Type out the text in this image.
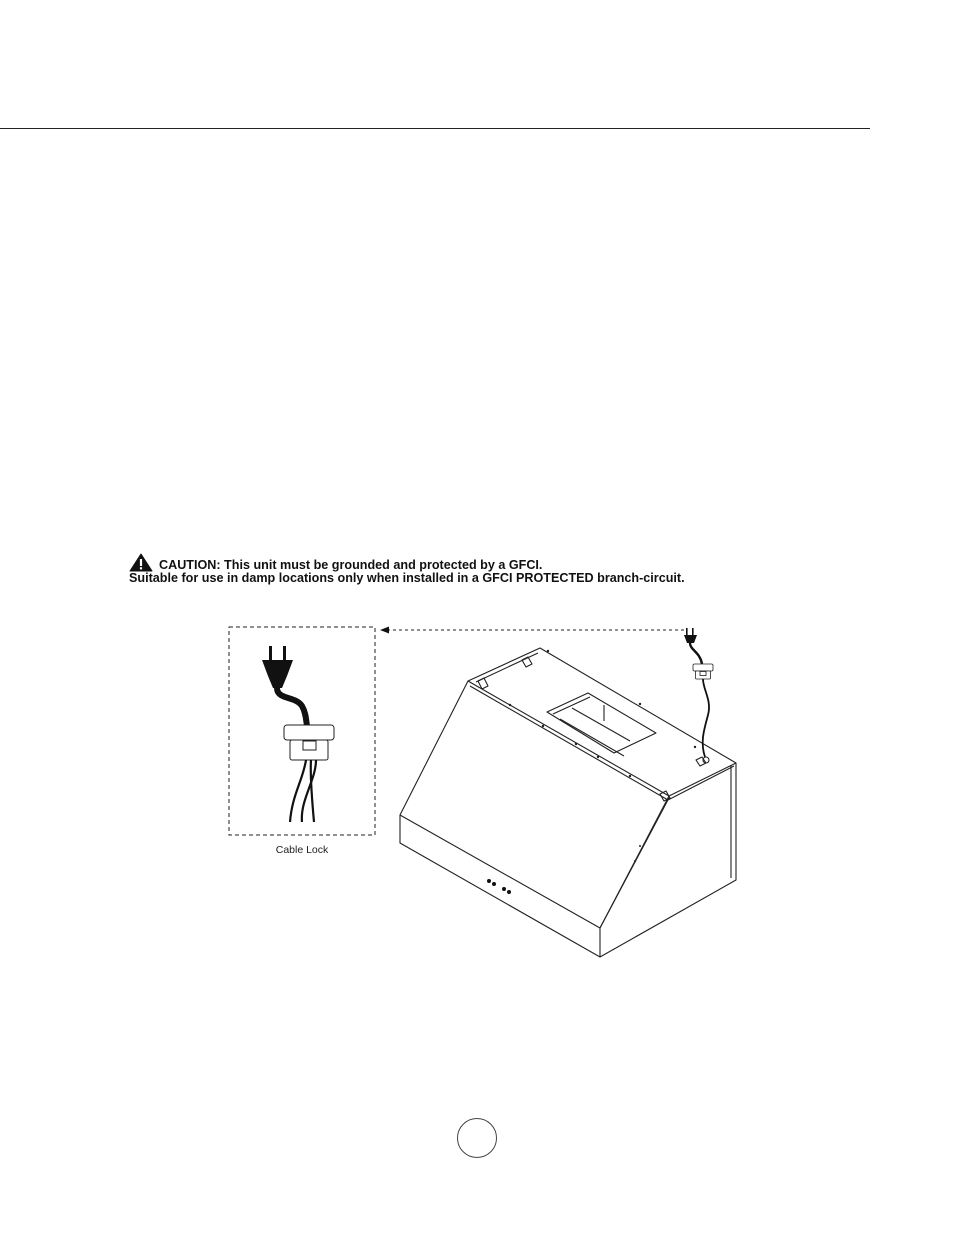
CAUTION: This unit must be grounded and protected by a GFCI.
Suitable for use in damp locations only when installed in a GFCI PROTECTED branch-circuit.
Cable Lock
